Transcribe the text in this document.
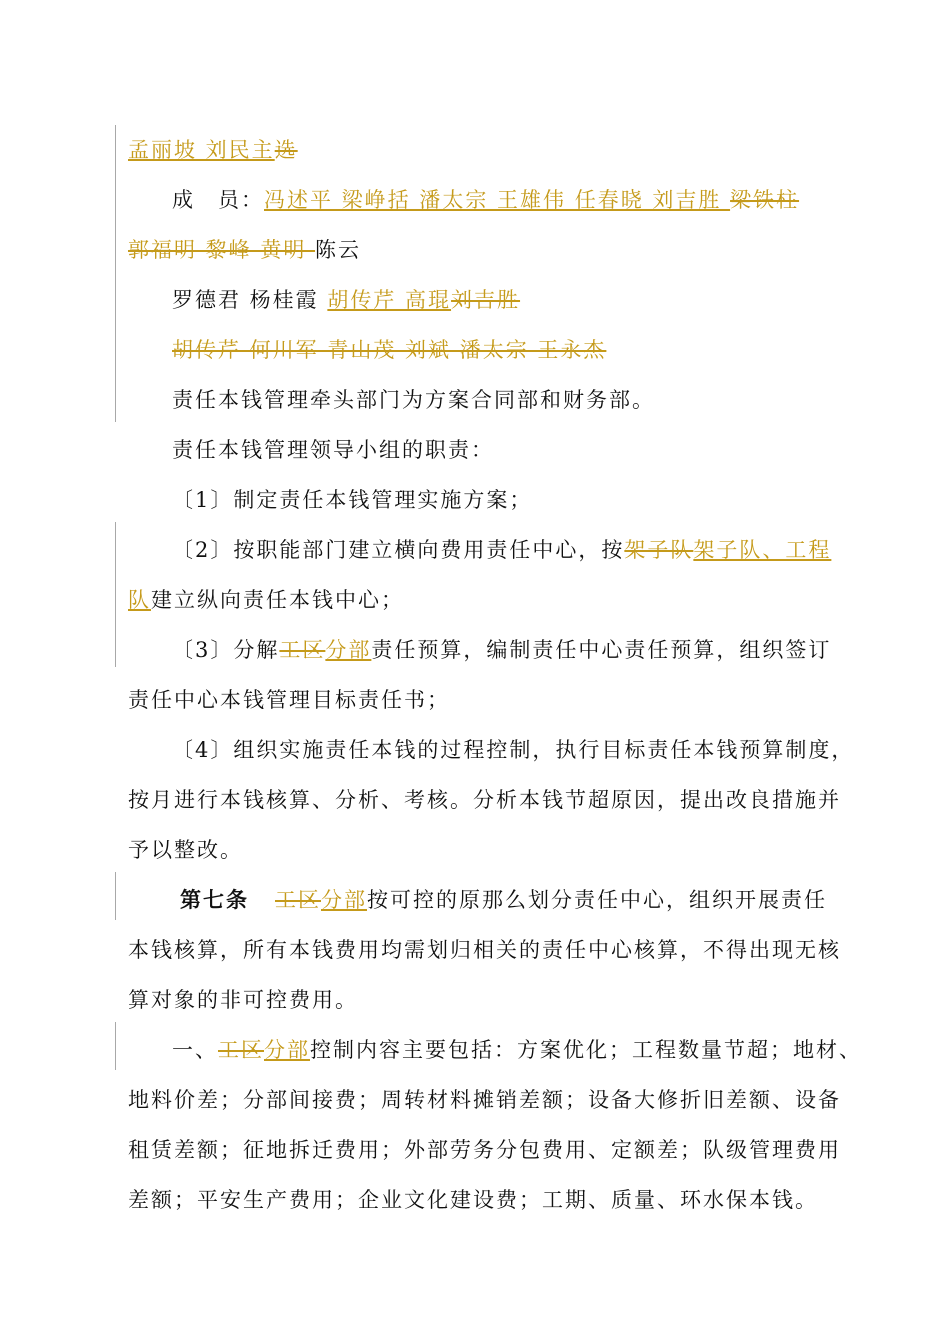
孟丽坡 刘民主选
成　员：冯述平 梁峥括 潘太宗 王雄伟 任春晓 刘吉胜 梁铁柱
郭福明 黎峰 黄明 陈云
罗德君 杨桂霞 胡传芹 高琨刘吉胜
胡传芹 何川军 青山茂 刘斌 潘太宗 王永杰
责任本钱管理牵头部门为方案合同部和财务部。
责任本钱管理领导小组的职责：
〔1〕制定责任本钱管理实施方案；
〔2〕按职能部门建立横向费用责任中心，按架子队架子队、工程
队建立纵向责任本钱中心；
〔3〕分解工区分部责任预算，编制责任中心责任预算，组织签订
责任中心本钱管理目标责任书；
〔4〕组织实施责任本钱的过程控制，执行目标责任本钱预算制度，
按月进行本钱核算、分析、考核。分析本钱节超原因，提出改良措施并
予以整改。
第七条 工区分部按可控的原那么划分责任中心，组织开展责任
本钱核算，所有本钱费用均需划归相关的责任中心核算，不得出现无核
算对象的非可控费用。
一、工区分部控制内容主要包括：方案优化；工程数量节超；地材、
地料价差；分部间接费；周转材料摊销差额；设备大修折旧差额、设备
租赁差额；征地拆迁费用；外部劳务分包费用、定额差；队级管理费用
差额；平安生产费用；企业文化建设费；工期、质量、环水保本钱。
